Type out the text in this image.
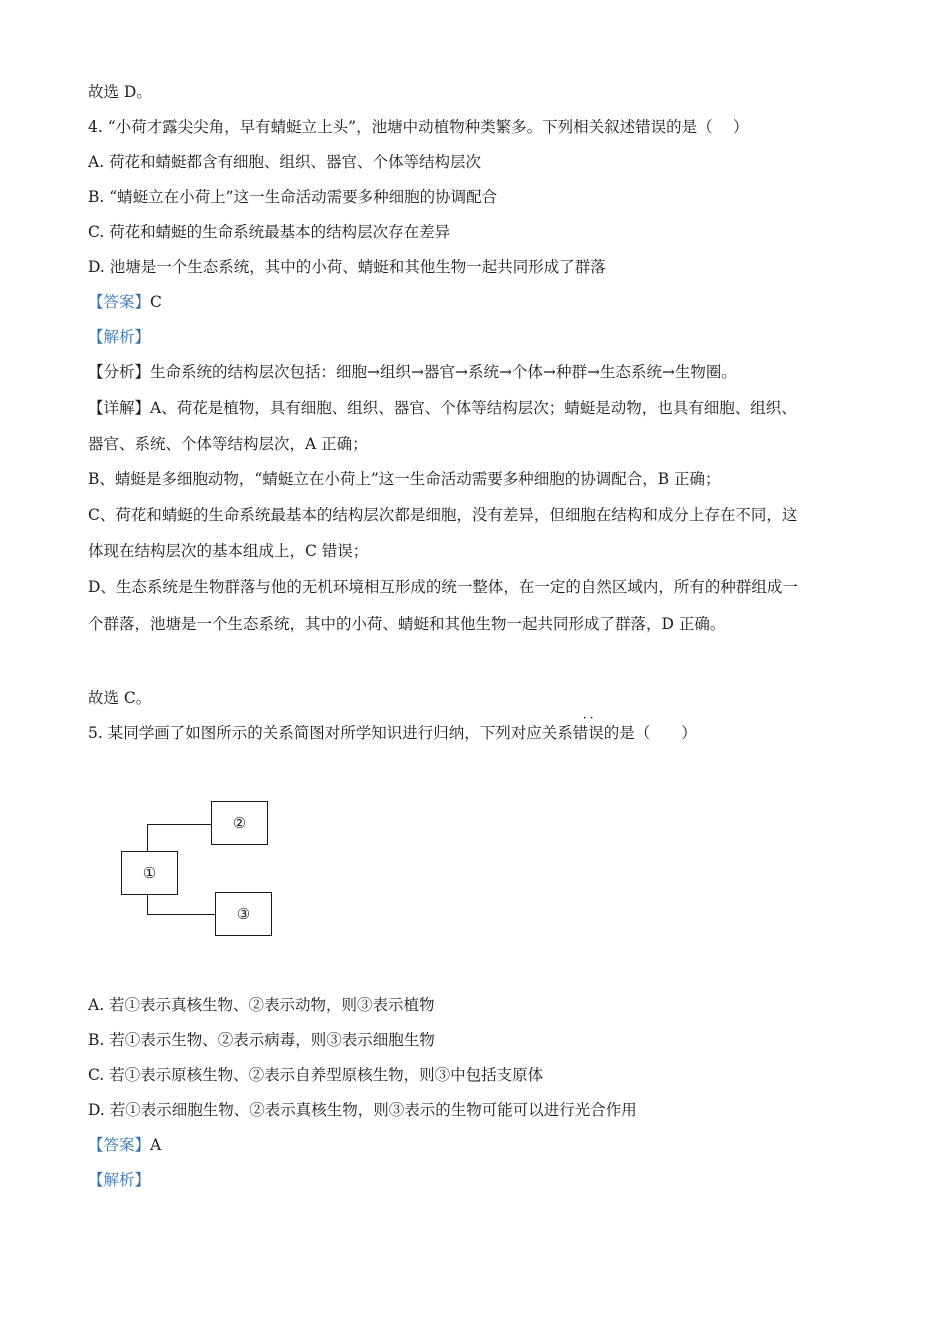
故选 D。
4. “小荷才露尖尖角，早有蜻蜓立上头”，池塘中动植物种类繁多。下列相关叙述错误的是（　 ）
A. 荷花和蜻蜓都含有细胞、组织、器官、个体等结构层次
B. “蜻蜓立在小荷上”这一生命活动需要多种细胞的协调配合
C. 荷花和蜻蜓的生命系统最基本的结构层次存在差异
D. 池塘是一个生态系统，其中的小荷、蜻蜓和其他生物一起共同形成了群落
【答案】C
【解析】
【分析】生命系统的结构层次包括：细胞→组织→器官→系统→个体→种群→生态系统→生物圈。
【详解】A、荷花是植物，具有细胞、组织、器官、个体等结构层次；蜻蜓是动物，也具有细胞、组织、
器官、系统、个体等结构层次，A 正确；
B、蜻蜓是多细胞动物，“蜻蜓立在小荷上”这一生命活动需要多种细胞的协调配合，B 正确；
C、荷花和蜻蜓的生命系统最基本的结构层次都是细胞，没有差异，但细胞在结构和成分上存在不同，这
体现在结构层次的基本组成上，C 错误；
D、生态系统是生物群落与他的无机环境相互形成的统一整体，在一定的自然区域内，所有的种群组成一
个群落，池塘是一个生态系统，其中的小荷、蜻蜓和其他生物一起共同形成了群落，D 正确。
故选 C。
5. 某同学画了如图所示的关系简图对所学知识进行归纳，下列对应关系
· ·
错误的是（　　）
②
①
③
A. 若①表示真核生物、②表示动物，则③表示植物
B. 若①表示生物、②表示病毒，则③表示细胞生物
C. 若①表示原核生物、②表示自养型原核生物，则③中包括支原体
D. 若①表示细胞生物、②表示真核生物，则③表示的生物可能可以进行光合作用
【答案】A
【解析】
